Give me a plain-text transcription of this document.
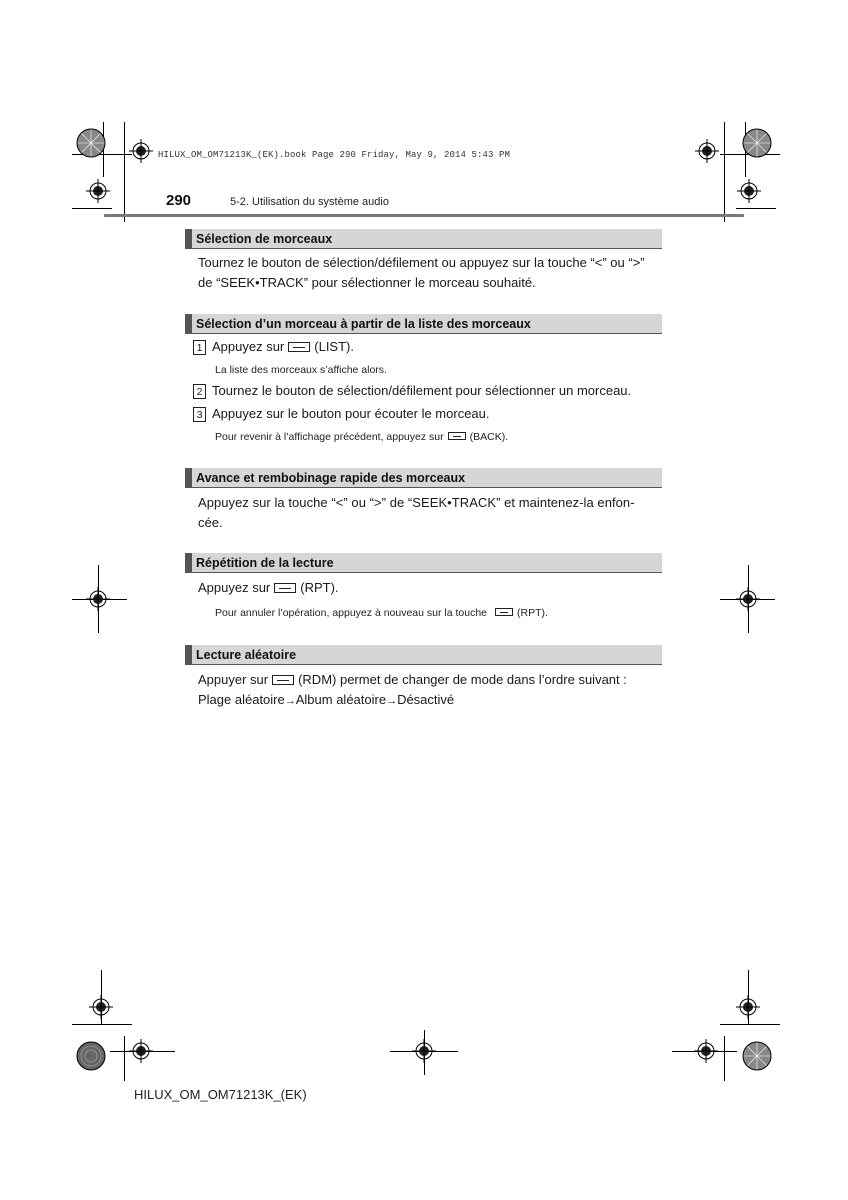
HILUX_OM_OM71213K_(EK).book Page 290 Friday, May 9, 2014 5:43 PM
290	5-2. Utilisation du système audio
Sélection de morceaux
Tournez le bouton de sélection/défilement ou appuyez sur la touche “<” ou “>”
de “SEEK•TRACK” pour sélectionner le morceau souhaité.
Sélection d’un morceau à partir de la liste des morceaux
1 Appuyez sur (LIST).
La liste des morceaux s’affiche alors.
2 Tournez le bouton de sélection/défilement pour sélectionner un morceau.
3 Appuyez sur le bouton pour écouter le morceau.
Pour revenir à l’affichage précédent, appuyez sur (BACK).
Avance et rembobinage rapide des morceaux
Appuyez sur la touche “<” ou “>” de “SEEK•TRACK” et maintenez-la enfon-
cée.
Répétition de la lecture
Appuyez sur (RPT).
Pour annuler l’opération, appuyez à nouveau sur la touche	(RPT).
Lecture aléatoire
Appuyer sur (RDM) permet de changer de mode dans l’ordre suivant :
Plage aléatoire→Album aléatoire→Désactivé
HILUX_OM_OM71213K_(EK)
